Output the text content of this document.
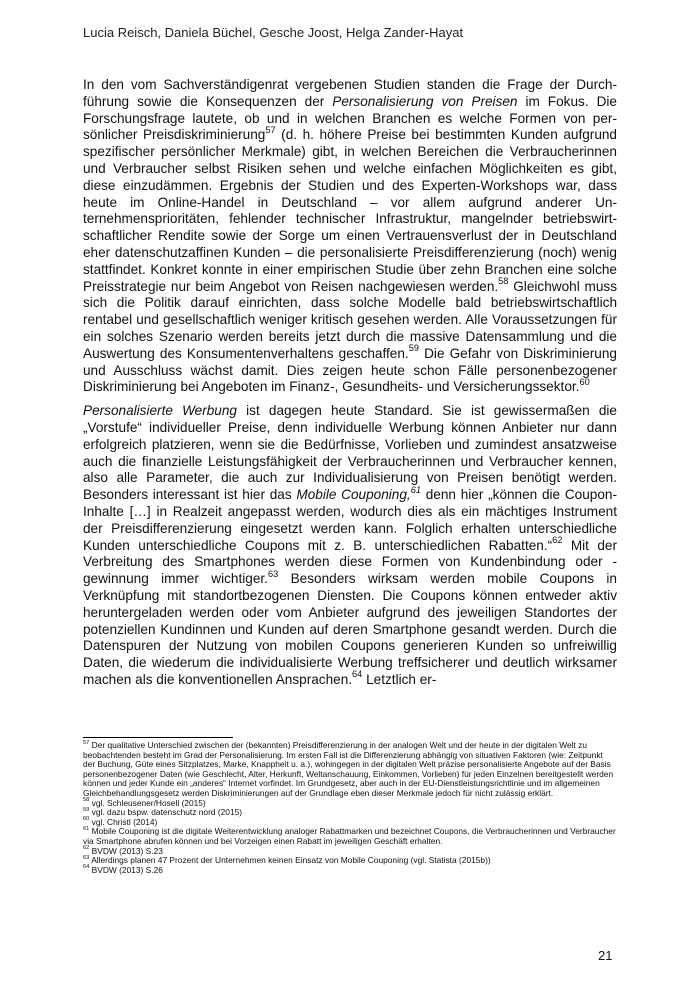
Lucia Reisch, Daniela Büchel, Gesche Joost, Helga Zander-Hayat

In den vom Sachverständigenrat vergebenen Studien standen die Frage der Durchführung sowie die Konsequenzen der Personalisierung von Preisen im Fokus. Die Forschungsfrage lautete, ob und in welchen Branchen es welche Formen von persönlicher Preisdiskriminierung$^{57}$ (d. h. höhere Preise bei bestimmten Kunden aufgrund spezifischer persönlicher Merkmale) gibt, in welchen Bereichen die Verbraucherinnen und Verbraucher selbst Risiken sehen und welche einfachen Möglichkeiten es gibt, diese einzudämmen. Ergebnis der Studien und des Experten-Workshops war, dass heute im Online-Handel in Deutschland – vor allem aufgrund anderer Unternehmensprioritäten, fehlender technischer Infrastruktur, mangelnder betriebswirtschaftlicher Rendite sowie der Sorge um einen Vertrauensverlust der in Deutschland eher datenschutzaffinen Kunden – die personalisierte Preisdifferenzierung (noch) wenig stattfindet. Konkret konnte in einer empirischen Studie über zehn Branchen eine solche Preisstrategie nur beim Angebot von Reisen nachgewiesen werden.$^{58}$ Gleichwohl muss sich die Politik darauf einrichten, dass solche Modelle bald betriebswirtschaftlich rentabel und gesellschaftlich weniger kritisch gesehen werden. Alle Voraussetzungen für ein solches Szenario werden bereits jetzt durch die massive Datensammlung und die Auswertung des Konsumentenverhaltens geschaffen.$^{59}$ Die Gefahr von Diskriminierung und Ausschluss wächst damit. Dies zeigen heute schon Fälle personenbezogener Diskriminierung bei Angeboten im Finanz-, Gesundheits- und Versicherungssektor.$^{60}$

Personalisierte Werbung ist dagegen heute Standard. Sie ist gewissermaßen die „Vorstufe“ individueller Preise, denn individuelle Werbung können Anbieter nur dann erfolgreich platzieren, wenn sie die Bedürfnisse, Vorlieben und zumindest ansatzweise auch die finanzielle Leistungsfähigkeit der Verbraucherinnen und Verbraucher kennen, also alle Parameter, die auch zur Individualisierung von Preisen benötigt werden. Besonders interessant ist hier das Mobile Couponing,$^{61}$ denn hier „können die Coupon-Inhalte […] in Realzeit angepasst werden, wodurch dies als ein mächtiges Instrument der Preisdifferenzierung eingesetzt werden kann. Folglich erhalten unterschiedliche Kunden unterschiedliche Coupons mit z. B. unterschiedlichen Rabatten.“$^{62}$ Mit der Verbreitung des Smartphones werden diese Formen von Kundenbindung oder -gewinnung immer wichtiger.$^{63}$ Besonders wirksam werden mobile Coupons in Verknüpfung mit standortbezogenen Diensten. Die Coupons können entweder aktiv heruntergeladen werden oder vom Anbieter aufgrund des jeweiligen Standortes der potenziellen Kundinnen und Kunden auf deren Smartphone gesandt werden. Durch die Datenspuren der Nutzung von mobilen Coupons generieren Kunden so unfreiwillig Daten, die wiederum die individualisierte Werbung treffsicherer und deutlich wirksamer machen als die konventionellen Ansprachen.$^{64}$ Letztlich er-

$^{57}$ Der qualitative Unterschied zwischen der (bekannten) Preisdifferenzierung in der analogen Welt und der heute in der digitalen Welt zu beobachtenden besteht im Grad der Personalisierung. Im ersten Fall ist die Differenzierung abhängig von situativen Faktoren (wie: Zeitpunkt der Buchung, Güte eines Sitzplatzes, Marke, Knappheit u. a.), wohingegen in der digitalen Welt präzise personalisierte Angebote auf der Basis personenbezogener Daten (wie Geschlecht, Alter, Herkunft, Weltanschauung, Einkommen, Vorlieben) für jeden Einzelnen bereitgestellt werden können und jeder Kunde ein „anderes“ Internet vorfindet. Im Grundgesetz, aber auch in der EU-Dienstleistungsrichtlinie und im allgemeinen Gleichbehandlungsgesetz werden Diskriminierungen auf der Grundlage eben dieser Merkmale jedoch für nicht zulässig erklärt.

$^{58}$ vgl. Schleusener/Hosell (2015)

$^{59}$ vgl. dazu bspw. datenschutz nord (2015)

$^{60}$ vgl. Christl (2014)

$^{61}$ Mobile Couponing ist die digitale Weiterentwicklung analoger Rabattmarken und bezeichnet Coupons, die Verbraucherinnen und Verbraucher via Smartphone abrufen können und bei Vorzeigen einen Rabatt im jeweiligen Geschäft erhalten.

$^{62}$ BVDW (2013) S.23

$^{63}$ Allerdings planen 47 Prozent der Unternehmen keinen Einsatz von Mobile Couponing (vgl. Statista (2015b))

$^{64}$ BVDW (2013) S.26

21
